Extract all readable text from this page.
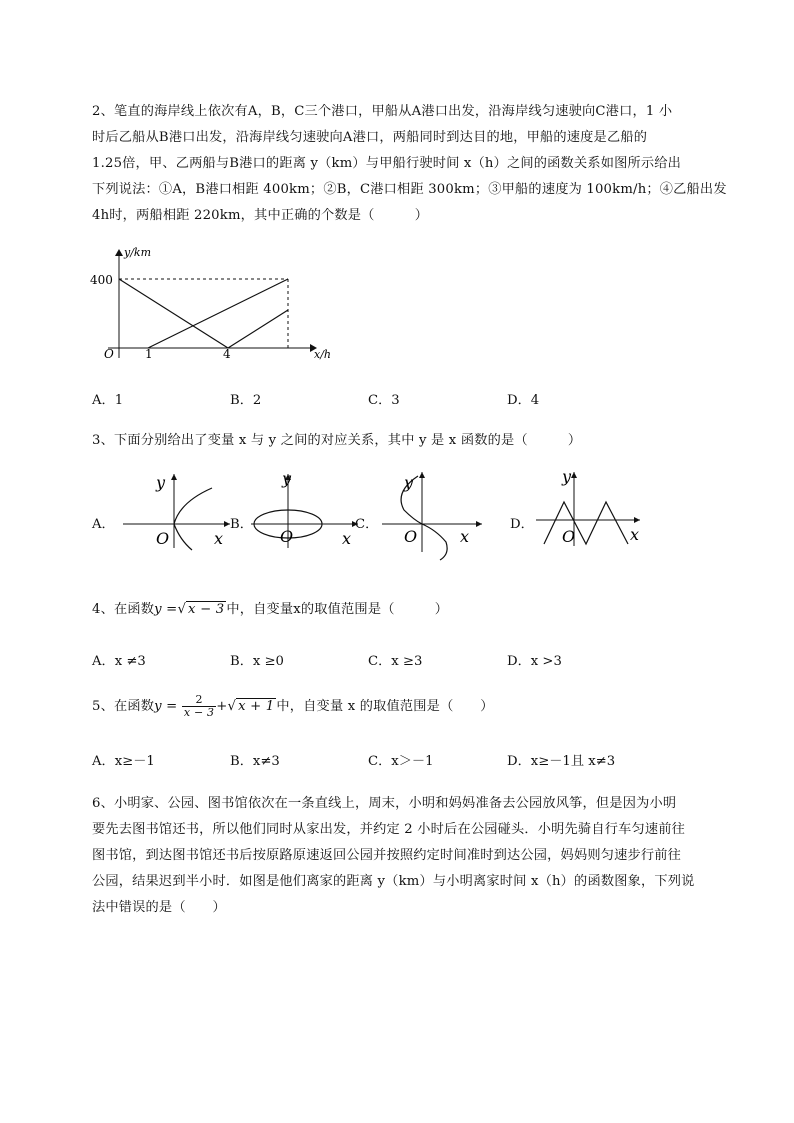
2、笔直的海岸线上依次有A，B，C三个港口，甲船从A港口出发，沿海岸线匀速驶向C港口，1 小
时后乙船从B港口出发，沿海岸线匀速驶向A港口，两船同时到达目的地，甲船的速度是乙船的
1.25倍，甲、乙两船与B港口的距离 y（km）与甲船行驶时间 x（h）之间的函数关系如图所示给出
下列说法：①A，B港口相距 400km；②B，C港口相距 300km；③甲船的速度为 100km/h；④乙船出发
4h时，两船相距 220km，其中正确的个数是（　　　）
y/km
x/h
O
400
1	4
A．1	B．2	C．3	D．4
3、下面分别给出了变量 x 与 y 之间的对应关系，其中 y 是 x 函数的是（　　　）
A．
y
O	x
B．
y
O	x
C．
y
O	x
D．
y
O	x
4、在函数y =√ x − 3 中，自变量x的取值范围是（　　　）
A．x ≠3	B．x ≥0	C．x ≥3	D．x >3
5、在函数$y = \frac{2}{x - 3}$ +√ x + 1 中，自变量 x 的取值范围是（　　）
A．x≥－1	B．x≠3	C．x＞－1	D．x≥－1且 x≠3
6、小明家、公园、图书馆依次在一条直线上，周末，小明和妈妈准备去公园放风筝，但是因为小明
要先去图书馆还书，所以他们同时从家出发，并约定 2 小时后在公园碰头．小明先骑自行车匀速前往
图书馆，到达图书馆还书后按原路原速返回公园并按照约定时间准时到达公园，妈妈则匀速步行前往
公园，结果迟到半小时．如图是他们离家的距离 y（km）与小明离家时间 x（h）的函数图象，下列说
法中错误的是（　　）
